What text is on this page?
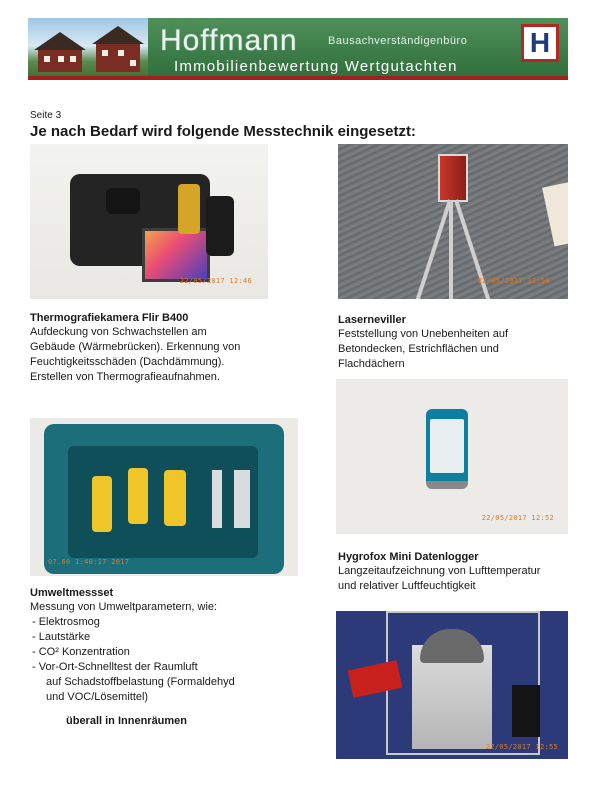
Hoffmann	Bausachverständigenbüro
Immobilienbewertung Wertgutachten
H
Seite 3
Je nach Bedarf wird folgende Messtechnik eingesetzt:
22/05/2017 12:46
Thermografiekamera Flir B400
Aufdeckung von Schwachstellen am
Gebäude (Wärmebrücken). Erkennung von
Feuchtigkeitsschäden (Dachdämmung).
Erstellen von Thermografieaufnahmen.
22/05/2017 12:50
Laserneviller
Feststellung von Unebenheiten auf
Betondecken, Estrichflächen und
Flachdächern
22/05/2017 12:52
Hygrofox Mini Datenlogger
Langzeitaufzeichnung von Lufttemperatur
und relativer Luftfeuchtigkeit
07.60 1:40:17 2017
Umweltmessset
Messung von Umweltparametern, wie:
- Elektrosmog
- Lautstärke
- CO² Konzentration
- Vor-Ort-Schnelltest der Raumluft
auf Schadstoffbelastung (Formaldehyd
und VOC/Lösemittel)
überall in Innenräumen
22/05/2017 12:55
